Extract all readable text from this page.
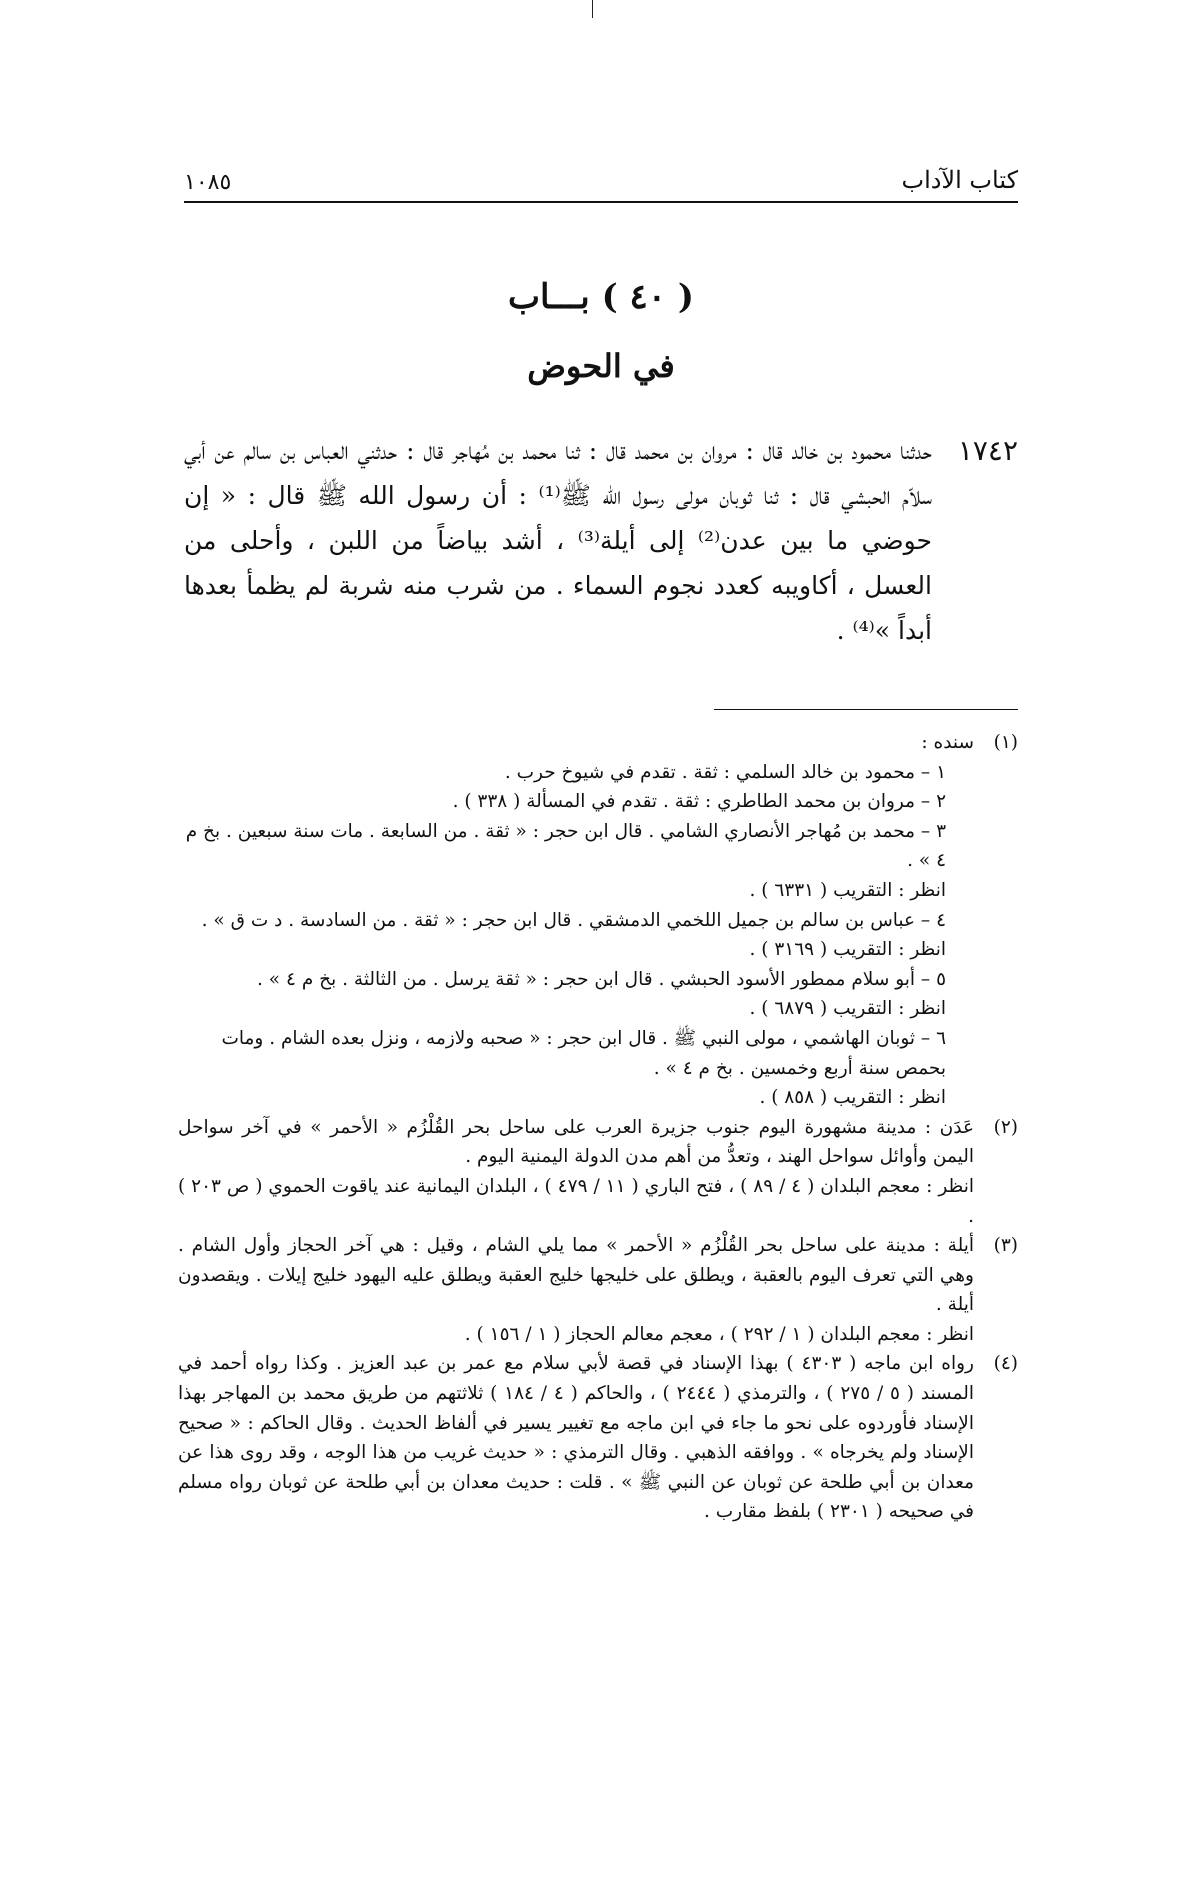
كتاب الآداب
١٠٨٥
( ٤٠ ) بـــاب
في الحوض
١٧٤٢

حدثنا محمود بن خالد قال : مروان بن محمد قال : ثنا محمد بن مُهاجر قال : حدثني العباس بن سالم عن أبي سلاّم الحبشي قال : ثنا ثوبان مولى رسول الله ﷺ⁽¹⁾ : أن رسول الله ﷺ قال : « إن حوضي ما بين عدن⁽²⁾ إلى أيلة⁽³⁾ ، أشد بياضاً من اللبن ، وأحلى من العسل ، أكاويبه كعدد نجوم السماء . من شرب منه شربة لم يظمأ بعدها أبداً »⁽⁴⁾ .

(١)
سنده :
١ – محمود بن خالد السلمي : ثقة . تقدم في شيوخ حرب .
٢ – مروان بن محمد الطاطري : ثقة . تقدم في المسألة ( ٣٣٨ ) .
٣ – محمد بن مُهاجر الأنصاري الشامي . قال ابن حجر : « ثقة . من السابعة . مات سنة سبعين . بخ م ٤ » .
انظر : التقريب ( ٦٣٣١ ) .
٤ – عباس بن سالم بن جميل اللخمي الدمشقي . قال ابن حجر : « ثقة . من السادسة . د ت ق » .
انظر : التقريب ( ٣١٦٩ ) .
٥ – أبو سلام ممطور الأسود الحبشي . قال ابن حجر : « ثقة يرسل . من الثالثة . بخ م ٤ » .
انظر : التقريب ( ٦٨٧٩ ) .
٦ – ثوبان الهاشمي ، مولى النبي ﷺ . قال ابن حجر : « صحبه ولازمه ، ونزل بعده الشام . ومات بحمص سنة أربع وخمسين . بخ م ٤ » .
انظر : التقريب ( ٨٥٨ ) .
(٢)
عَدَن : مدينة مشهورة اليوم جنوب جزيرة العرب على ساحل بحر القُلْزُم « الأحمر » في آخر سواحل اليمن وأوائل سواحل الهند ، وتعدُّ من أهم مدن الدولة اليمنية اليوم .
انظر : معجم البلدان ( ٤ / ٨٩ ) ، فتح الباري ( ١١ / ٤٧٩ ) ، البلدان اليمانية عند ياقوت الحموي ( ص ٢٠٣ ) .
(٣)
أيلة : مدينة على ساحل بحر القُلْزُم « الأحمر » مما يلي الشام ، وقيل : هي آخر الحجاز وأول الشام . وهي التي تعرف اليوم بالعقبة ، ويطلق على خليجها خليج العقبة ويطلق عليه اليهود خليج إيلات . ويقصدون أيلة .
انظر : معجم البلدان ( ١ / ٢٩٢ ) ، معجم معالم الحجاز ( ١ / ١٥٦ ) .
(٤)
رواه ابن ماجه ( ٤٣٠٣ ) بهذا الإسناد في قصة لأبي سلام مع عمر بن عبد العزيز . وكذا رواه أحمد في المسند ( ٥ / ٢٧٥ ) ، والترمذي ( ٢٤٤٤ ) ، والحاكم ( ٤ / ١٨٤ ) ثلاثتهم من طريق محمد بن المهاجر بهذا الإسناد فأوردوه على نحو ما جاء في ابن ماجه مع تغيير يسير في ألفاظ الحديث . وقال الحاكم : « صحيح الإسناد ولم يخرجاه » . ووافقه الذهبي . وقال الترمذي : « حديث غريب من هذا الوجه ، وقد روى هذا عن معدان بن أبي طلحة عن ثوبان عن النبي ﷺ » . قلت : حديث معدان بن أبي طلحة عن ثوبان رواه مسلم في صحيحه ( ٢٣٠١ ) بلفظ مقارب .
